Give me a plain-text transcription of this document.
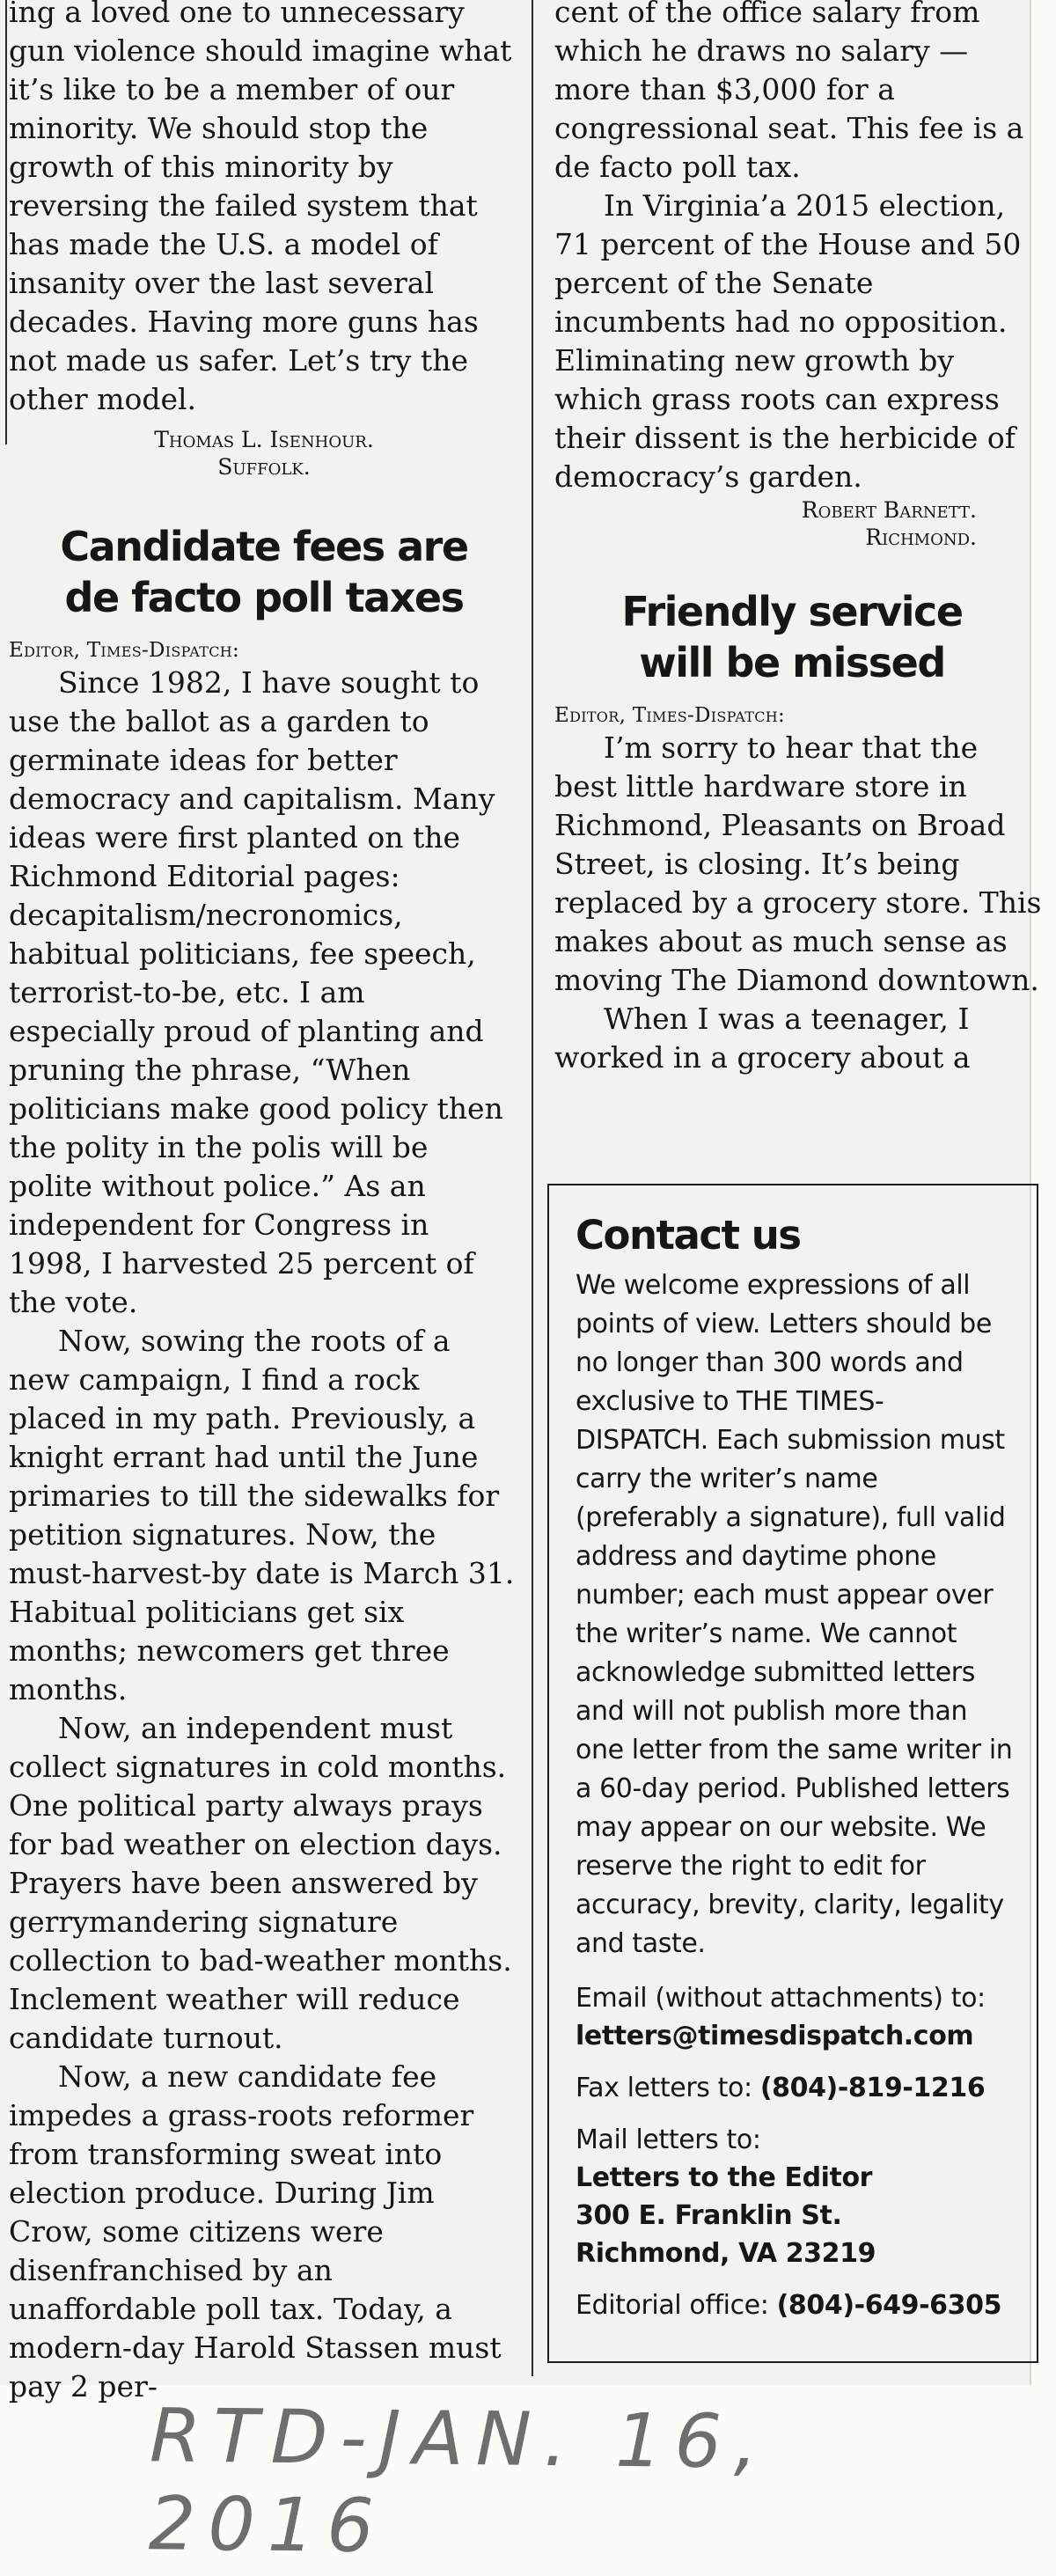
ing a loved one to unnecessary gun violence should imagine what it’s like to be a member of our minority. We should stop the growth of this minority by reversing the failed system that has made the U.S. a model of insanity over the last several decades. Having more guns has not made us safer. Let’s try the other model.

Thomas L. Isenhour.

Suffolk.

Candidate fees are de facto poll taxes

Editor, Times-Dispatch:

Since 1982, I have sought to use the ballot as a garden to germinate ideas for better democracy and capitalism. Many ideas were first planted on the Richmond Editorial pages: decapitalism/necronomics, habitual politicians, fee speech, terrorist-to-be, etc. I am especially proud of planting and pruning the phrase, “When politicians make good policy then the polity in the polis will be polite without police.” As an independent for Congress in 1998, I harvested 25 percent of the vote.

Now, sowing the roots of a new campaign, I find a rock placed in my path. Previously, a knight errant had until the June primaries to till the sidewalks for petition signatures. Now, the must-harvest-by date is March 31. Habitual politicians get six months; newcomers get three months.

Now, an independent must collect signatures in cold months. One political party always prays for bad weather on election days. Prayers have been answered by gerrymandering signature collection to bad-weather months. Inclement weather will reduce candidate turnout.

Now, a new candidate fee impedes a grass-roots reformer from transforming sweat into election produce. During Jim Crow, some citizens were disenfranchised by an unaffordable poll tax. Today, a modern-day Harold Stassen must pay 2 per-

cent of the office salary from which he draws no salary — more than $3,000 for a congressional seat. This fee is a de facto poll tax.

In Virginia’a 2015 election, 71 percent of the House and 50 percent of the Senate incumbents had no opposition. Eliminating new growth by which grass roots can express their dissent is the herbicide of democracy’s garden.

Robert Barnett.

Richmond.

Friendly service will be missed

Editor, Times-Dispatch:

I’m sorry to hear that the best little hardware store in Richmond, Pleasants on Broad Street, is closing. It’s being replaced by a grocery store. This makes about as much sense as moving The Diamond downtown.

When I was a teenager, I worked in a grocery about a

Contact us

We welcome expressions of all points of view. Letters should be no longer than 300 words and exclusive to THE TIMES-DISPATCH. Each submission must carry the writer’s name (preferably a signature), full valid address and daytime phone number; each must appear over the writer’s name. We cannot acknowledge submitted letters and will not publish more than one letter from the same writer in a 60-day period. Published letters may appear on our website. We reserve the right to edit for accuracy, brevity, clarity, legality and taste.

Email (without attachments) to:

letters@timesdispatch.com

Fax letters to: (804)-819-1216

Mail letters to:

Letters to the Editor

300 E. Franklin St.

Richmond, VA 23219

Editorial office: (804)-649-6305

RTD-JAN. 16, 2016
